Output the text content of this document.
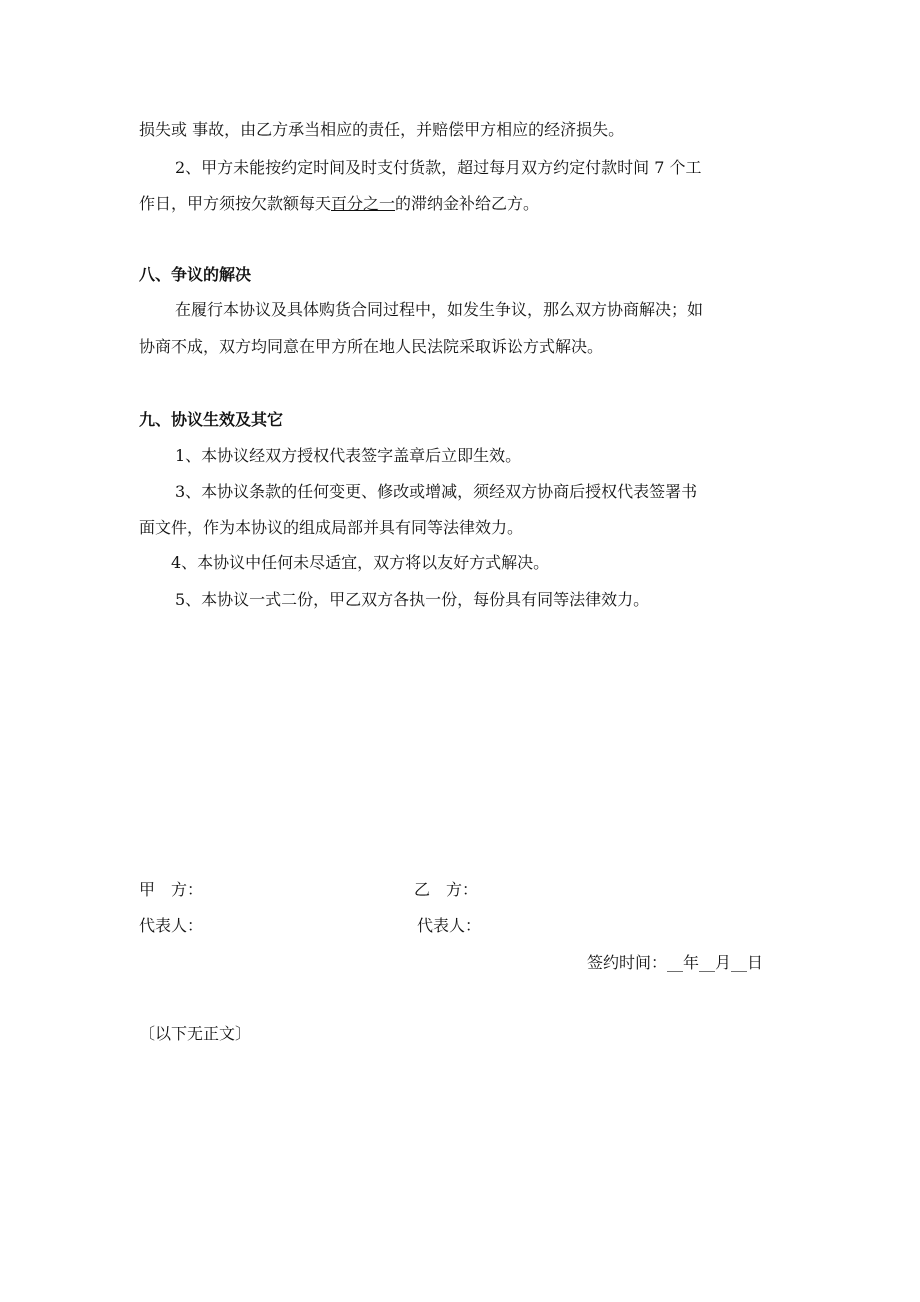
损失或 事故，由乙方承当相应的责任，并赔偿甲方相应的经济损失。
2、甲方未能按约定时间及时支付货款，超过每月双方约定付款时间 7 个工
作日，甲方须按欠款额每天百分之一的滞纳金补给乙方。
八、争议的解决
在履行本协议及具体购货合同过程中，如发生争议，那么双方协商解决；如
协商不成，双方均同意在甲方所在地人民法院采取诉讼方式解决。
九、协议生效及其它
1、本协议经双方授权代表签字盖章后立即生效。
3、本协议条款的任何变更、修改或增减，须经双方协商后授权代表签署书
面文件，作为本协议的组成局部并具有同等法律效力。
4、本协议中任何未尽适宜，双方将以友好方式解决。
5、本协议一式二份，甲乙双方各执一份，每份具有同等法律效力。
甲　方：	乙　方：
代表人：	代表人：
签约时间：__年__月__日
〔以下无正文〕
